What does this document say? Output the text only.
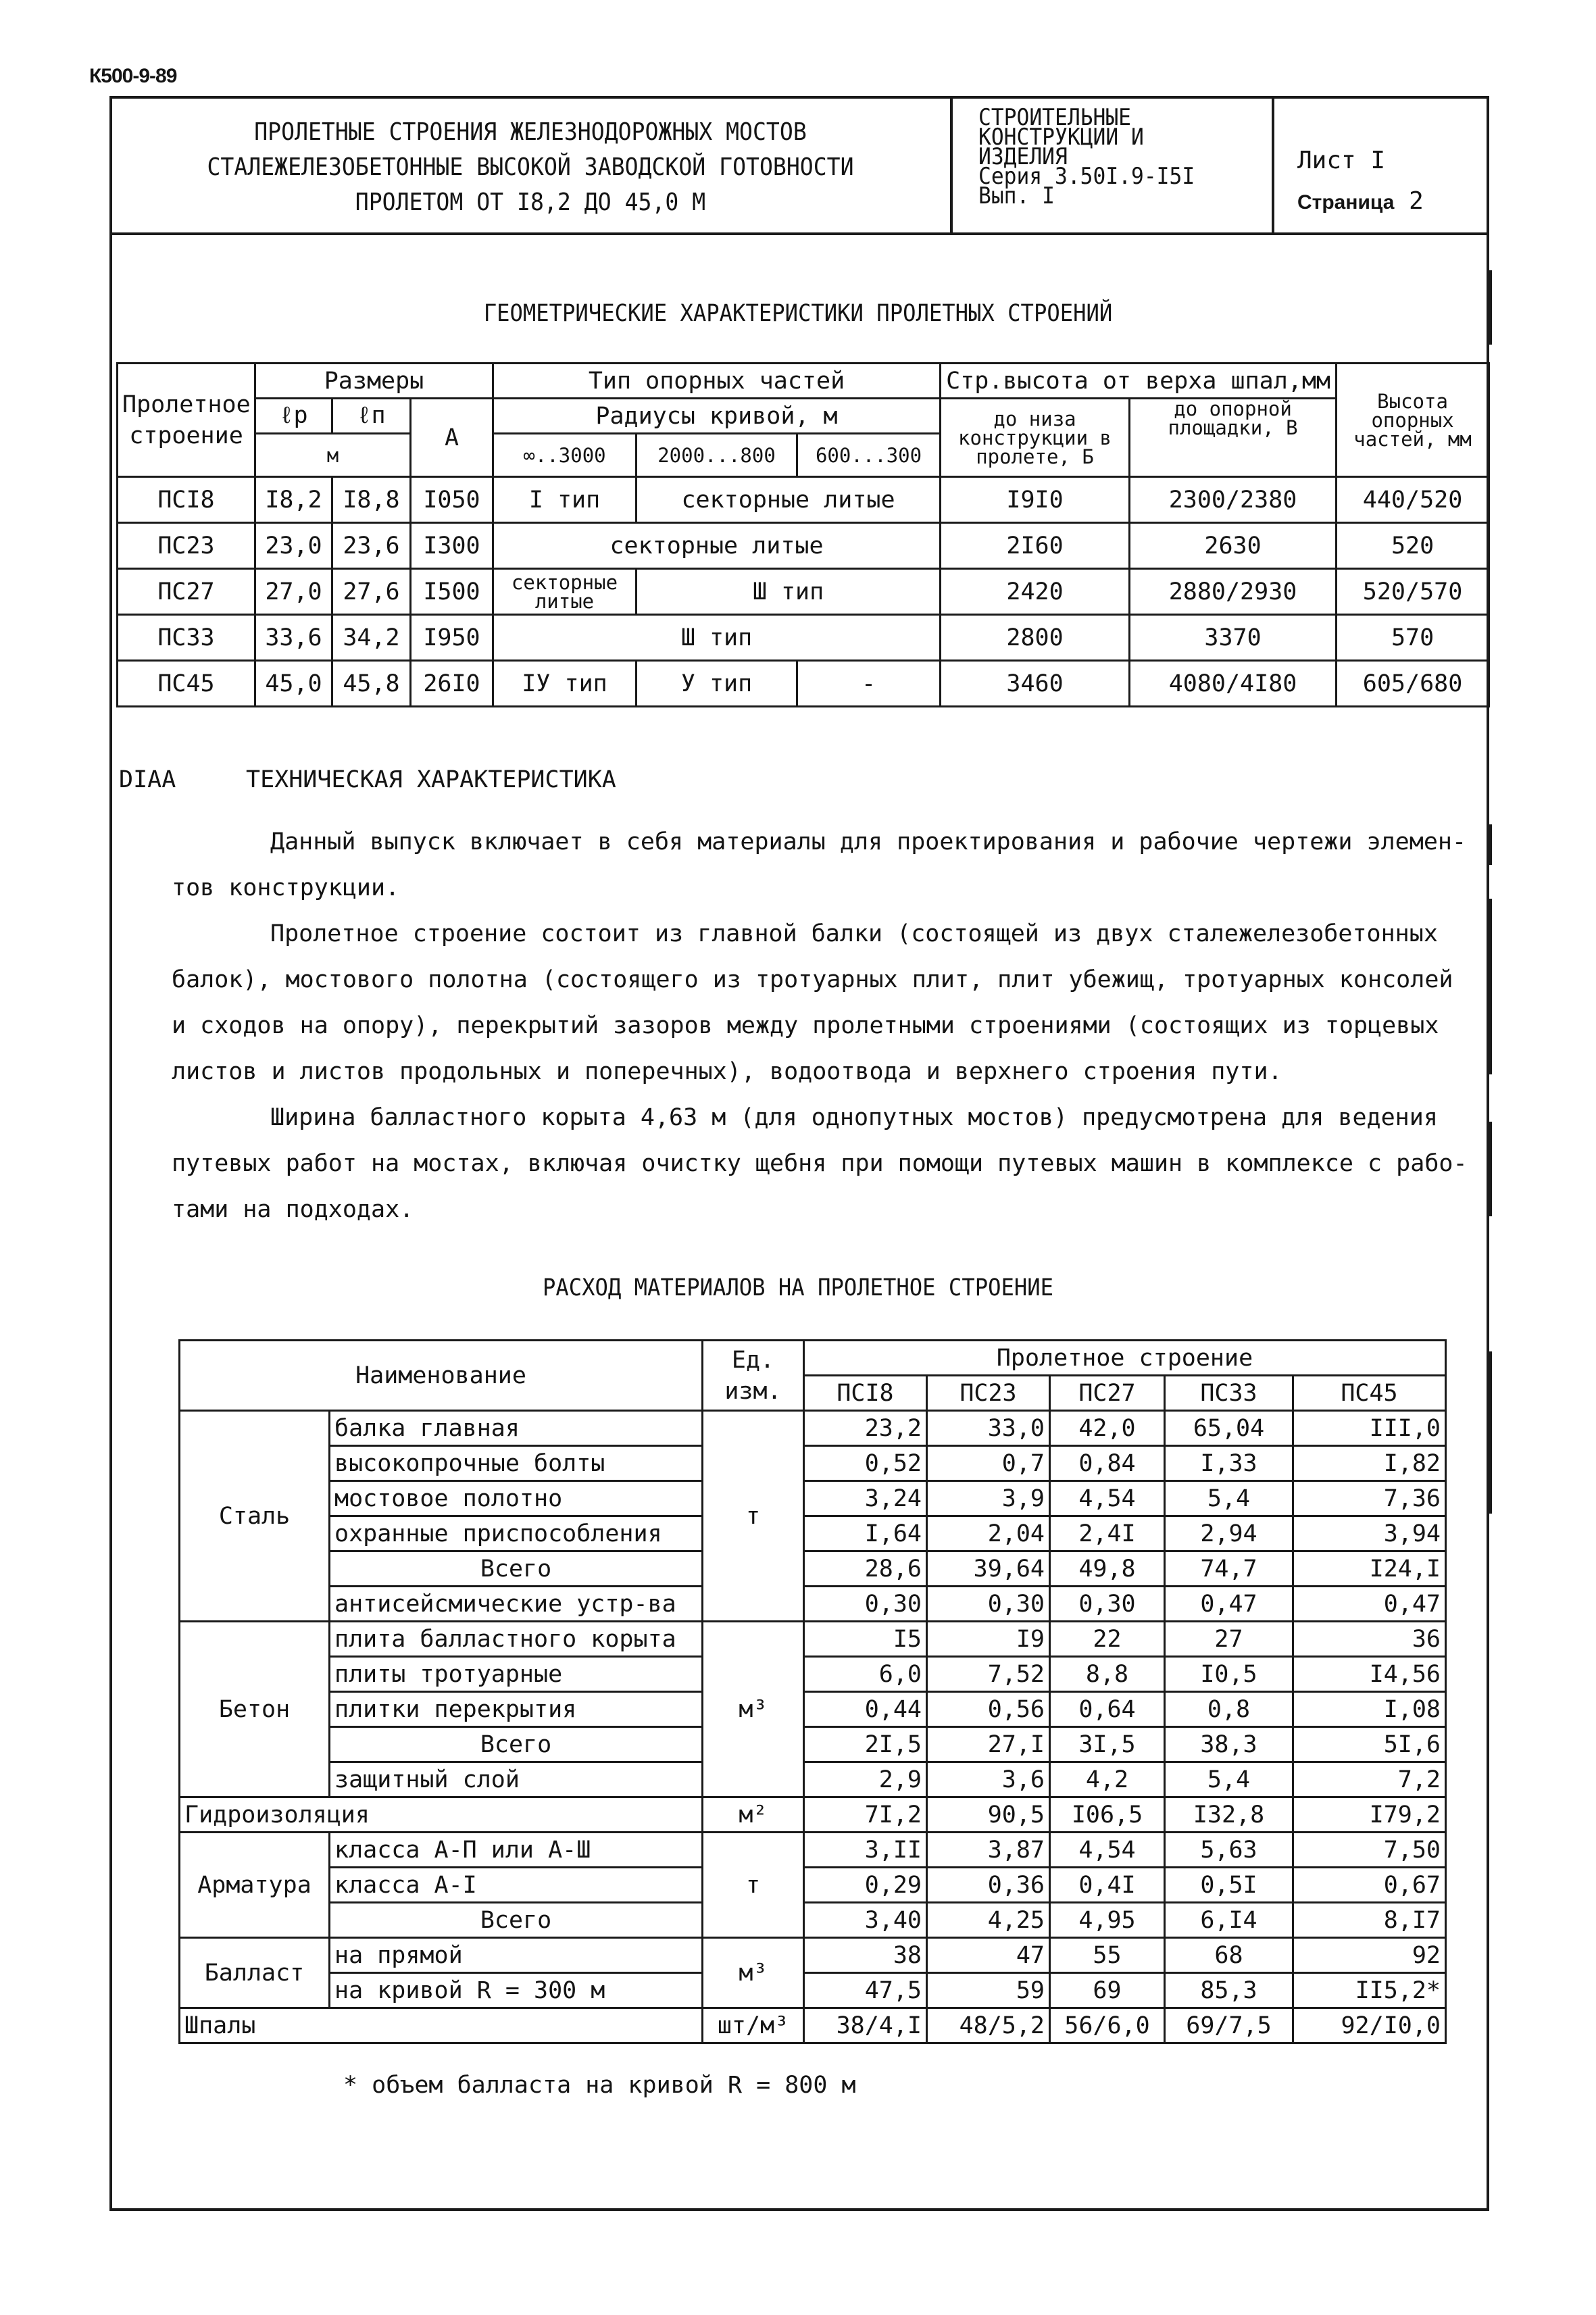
К500-9-89
ПРОЛЕТНЫЕ СТРОЕНИЯ ЖЕЛЕЗНОДОРОЖНЫХ МОСТОВ
СТАЛЕЖЕЛЕЗОБЕТОННЫЕ ВЫСОКОЙ ЗАВОДСКОЙ ГОТОВНОСТИ
ПРОЛЕТОМ ОТ I8,2 ДО 45,0 М
СТРОИТЕЛЬНЫЕ
КОНСТРУКЦИИ И
ИЗДЕЛИЯ
Серия 3.50I.9-I5I
Вып. I
Лист I
Страница 2
ГЕОМЕТРИЧЕСКИЕ ХАРАКТЕРИСТИКИ ПРОЛЕТНЫХ СТРОЕНИЙ
Пролетное строение	Размеры			Тип опорных частей			Стр.высота от верха шпал,мм		Высота опорных частей, мм
	ℓр	ℓп	А	Радиусы кривой, м			до низа конструкции в пролете, Б	до опорной площадки, В	
	м			∞..3000	2000...800	600...300			
ПСI8	I8,2	I8,8	I050	I тип	секторные литые		I9I0	2300/2380	440/520
ПС23	23,0	23,6	I300	секторные литые			2I60	2630	520
ПС27	27,0	27,6	I500	секторные литые	Ш тип		2420	2880/2930	520/570
ПС33	33,6	34,2	I950	Ш тип			2800	3370	570
ПС45	45,0	45,8	26I0	IУ тип	У тип	-	3460	4080/4I80	605/680
DIAA	ТЕХНИЧЕСКАЯ ХАРАКТЕРИСТИКА
Данный выпуск включает в себя материалы для проектирования и рабочие чертежи элемен-
тов конструкции.
Пролетное строение состоит из главной балки (состоящей из двух сталежелезобетонных
балок), мостового полотна (состоящего из тротуарных плит, плит убежищ, тротуарных консолей
и сходов на опору), перекрытий зазоров между пролетными строениями (состоящих из торцевых
листов и листов продольных и поперечных), водоотвода и верхнего строения пути.
Ширина балластного корыта 4,63 м (для однопутных мостов) предусмотрена для ведения
путевых работ на мостах, включая очистку щебня при помощи путевых машин в комплексе с рабо-
тами на подходах.
РАСХОД МАТЕРИАЛОВ НА ПРОЛЕТНОЕ СТРОЕНИЕ
Наименование		Ед. изм.	Пролетное строение				
			ПСI8	ПС23	ПС27	ПС33	ПС45
Сталь	балка главная	т	23,2	33,0	42,0	65,04	III,0
	высокопрочные болты		0,52	0,7	0,84	I,33	I,82
	мостовое полотно		3,24	3,9	4,54	5,4	7,36
	охранные приспособления		I,64	2,04	2,4I	2,94	3,94
	Всего		28,6	39,64	49,8	74,7	I24,I
	антисейсмические устр-ва		0,30	0,30	0,30	0,47	0,47
Бетон	плита балластного корыта	м³	I5	I9	22	27	36
	плиты тротуарные		6,0	7,52	8,8	I0,5	I4,56
	плитки перекрытия		0,44	0,56	0,64	0,8	I,08
	Всего		2I,5	27,I	3I,5	38,3	5I,6
	защитный слой		2,9	3,6	4,2	5,4	7,2
Гидроизоляция		м²	7I,2	90,5	I06,5	I32,8	I79,2
Арматура	класса А-П или А-Ш	т	3,II	3,87	4,54	5,63	7,50
	класса А-I		0,29	0,36	0,4I	0,5I	0,67
	Всего		3,40	4,25	4,95	6,I4	8,I7
Балласт	на прямой	м³	38	47	55	68	92
	на кривой R = 300 м		47,5	59	69	85,3	II5,2*
Шпалы		шт/м³	38/4,I	48/5,2	56/6,0	69/7,5	92/I0,0
* объем балласта на кривой R = 800 м
